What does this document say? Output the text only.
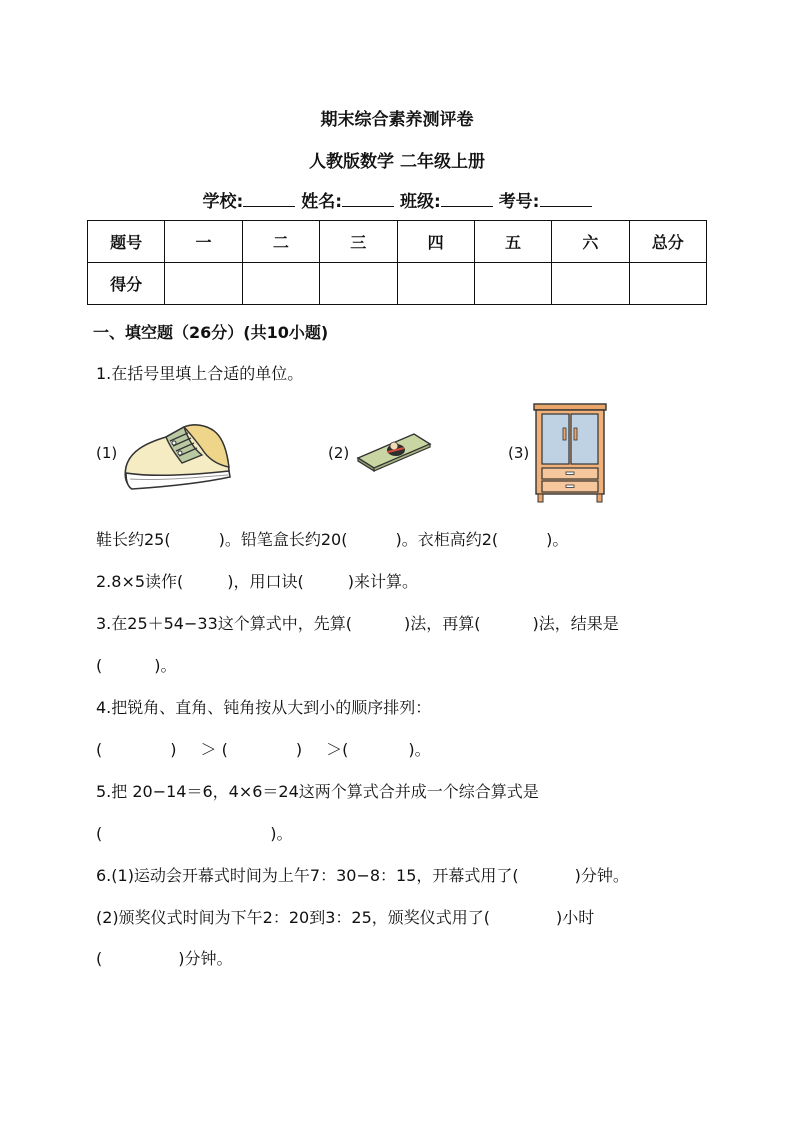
期末综合素养测评卷
人教版数学 二年级上册
学校:	姓名:	班级:	考号:
题号	一	二	三	四	五	六	总分
得分							
一、填空题（26分）(共10小题)
1.在括号里填上合适的单位。
(1)	(2)	(3)
鞋长约25(	)。铅笔盒长约20(	)。衣柜高约2(	)。
2.8×5读作(	)，用口诀(	)来计算。
3.在25＋54−33这个算式中，先算(	)法，再算(	)法，结果是
(	)。
4.把锐角、直角、钝角按从大到小的顺序排列：
(	) ＞ (	) ＞(	)。
5.把 20−14＝6，4×6＝24这两个算式合并成一个综合算式是
(	)。
6.(1)运动会开幕式时间为上午7：30−8：15，开幕式用了(	)分钟。
(2)颁奖仪式时间为下午2：20到3：25，颁奖仪式用了(	)小时
(	)分钟。
